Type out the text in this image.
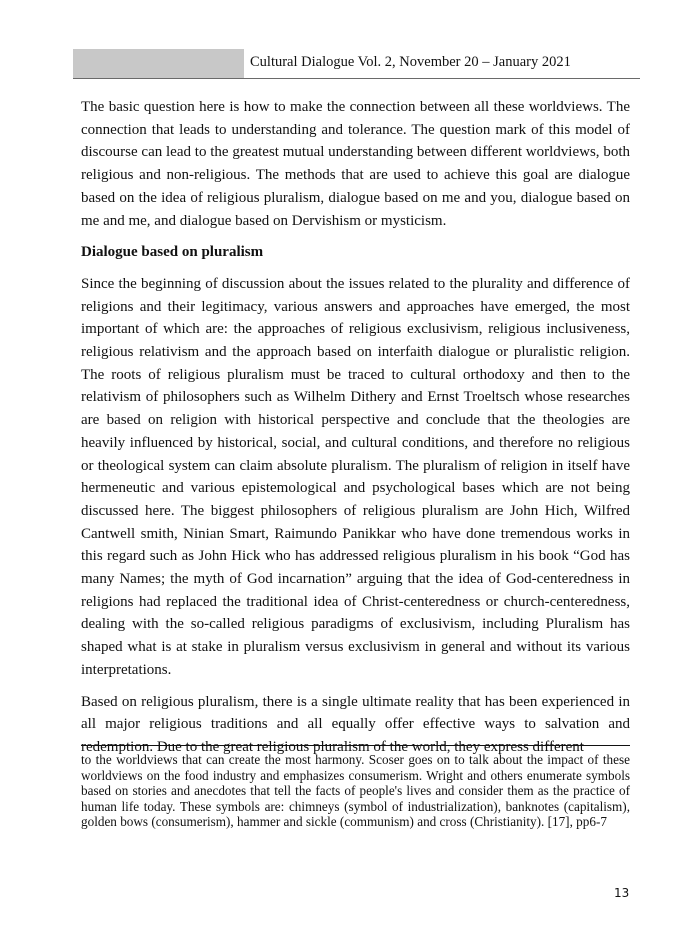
Cultural Dialogue Vol. 2, November 20 – January 2021

The basic question here is how to make the connection between all these worldviews. The connection that leads to understanding and tolerance. The question mark of this model of discourse can lead to the greatest mutual understanding between different worldviews, both religious and non-religious. The methods that are used to achieve this goal are dialogue based on the idea of religious pluralism, dialogue based on me and you, dialogue based on me and me, and dialogue based on Dervishism or mysticism.

Dialogue based on pluralism

Since the beginning of discussion about the issues related to the plurality and difference of religions and their legitimacy, various answers and approaches have emerged, the most important of which are: the approaches of religious exclusivism, religious inclusiveness, religious relativism and the approach based on interfaith dialogue or pluralistic religion. The roots of religious pluralism must be traced to cultural orthodoxy and then to the relativism of philosophers such as Wilhelm Dithery and Ernst Troeltsch whose researches are based on religion with historical perspective and conclude that the theologies are heavily influenced by historical, social, and cultural conditions, and therefore no religious or theological system can claim absolute pluralism. The pluralism of religion in itself have hermeneutic and various epistemological and psychological bases which are not being discussed here. The biggest philosophers of religious pluralism are John Hich, Wilfred Cantwell smith, Ninian Smart, Raimundo Panikkar who have done tremendous works in this regard such as John Hick who has addressed religious pluralism in his book “God has many Names; the myth of God incarnation” arguing that the idea of God-centeredness in religions had replaced the traditional idea of Christ-centeredness or church-centeredness, dealing with the so-called religious paradigms of exclusivism, including Pluralism has shaped what is at stake in pluralism versus exclusivism in general and without its various interpretations.

Based on religious pluralism, there is a single ultimate reality that has been experienced in all major religious traditions and all equally offer effective ways to salvation and redemption. Due to the great religious pluralism of the world, they express different

to the worldviews that can create the most harmony. Scoser goes on to talk about the impact of these worldviews on the food industry and emphasizes consumerism. Wright and others enumerate symbols based on stories and anecdotes that tell the facts of people's lives and consider them as the practice of human life today. These symbols are: chimneys (symbol of industrialization), banknotes (capitalism), golden bows (consumerism), hammer and sickle (communism) and cross (Christianity). [17], pp6-7

13
